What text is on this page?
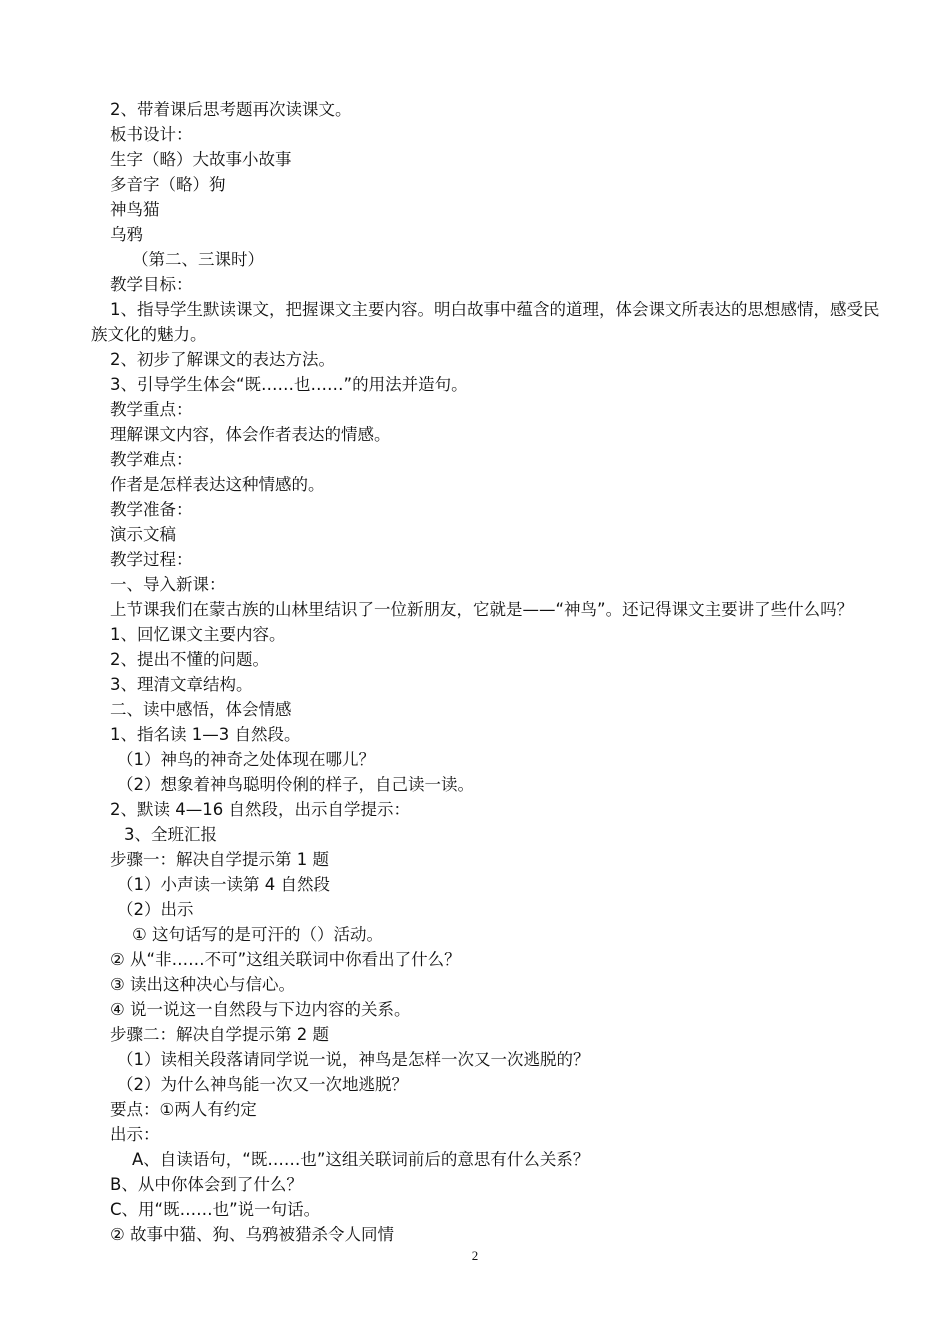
2、带着课后思考题再次读课文。
板书设计：
生字（略）大故事小故事
多音字（略）狗
神鸟猫
乌鸦
（第二、三课时）
教学目标：
1、指导学生默读课文，把握课文主要内容。明白故事中蕴含的道理，体会课文所表达的思想感情，感受民
族文化的魅力。
2、初步了解课文的表达方法。
3、引导学生体会“既……也……”的用法并造句。
教学重点：
理解课文内容，体会作者表达的情感。
教学难点：
作者是怎样表达这种情感的。
教学准备：
演示文稿
教学过程：
一、导入新课：
上节课我们在蒙古族的山林里结识了一位新朋友，它就是——“神鸟”。还记得课文主要讲了些什么吗？
1、回忆课文主要内容。
2、提出不懂的问题。
3、理清文章结构。
二、读中感悟，体会情感
1、指名读 1—3 自然段。
（1）神鸟的神奇之处体现在哪儿？
（2）想象着神鸟聪明伶俐的样子，自己读一读。
2、默读 4—16 自然段，出示自学提示：
3、全班汇报
步骤一：解决自学提示第 1 题
（1）小声读一读第 4 自然段
（2）出示
① 这句话写的是可汗的（）活动。
② 从“非……不可”这组关联词中你看出了什么？
③ 读出这种决心与信心。
④ 说一说这一自然段与下边内容的关系。
步骤二：解决自学提示第 2 题
（1）读相关段落请同学说一说，神鸟是怎样一次又一次逃脱的？
（2）为什么神鸟能一次又一次地逃脱？
要点：①两人有约定
出示：
A、自读语句，“既……也”这组关联词前后的意思有什么关系？
B、从中你体会到了什么？
C、用“既……也”说一句话。
② 故事中猫、狗、乌鸦被猎杀令人同情
2
